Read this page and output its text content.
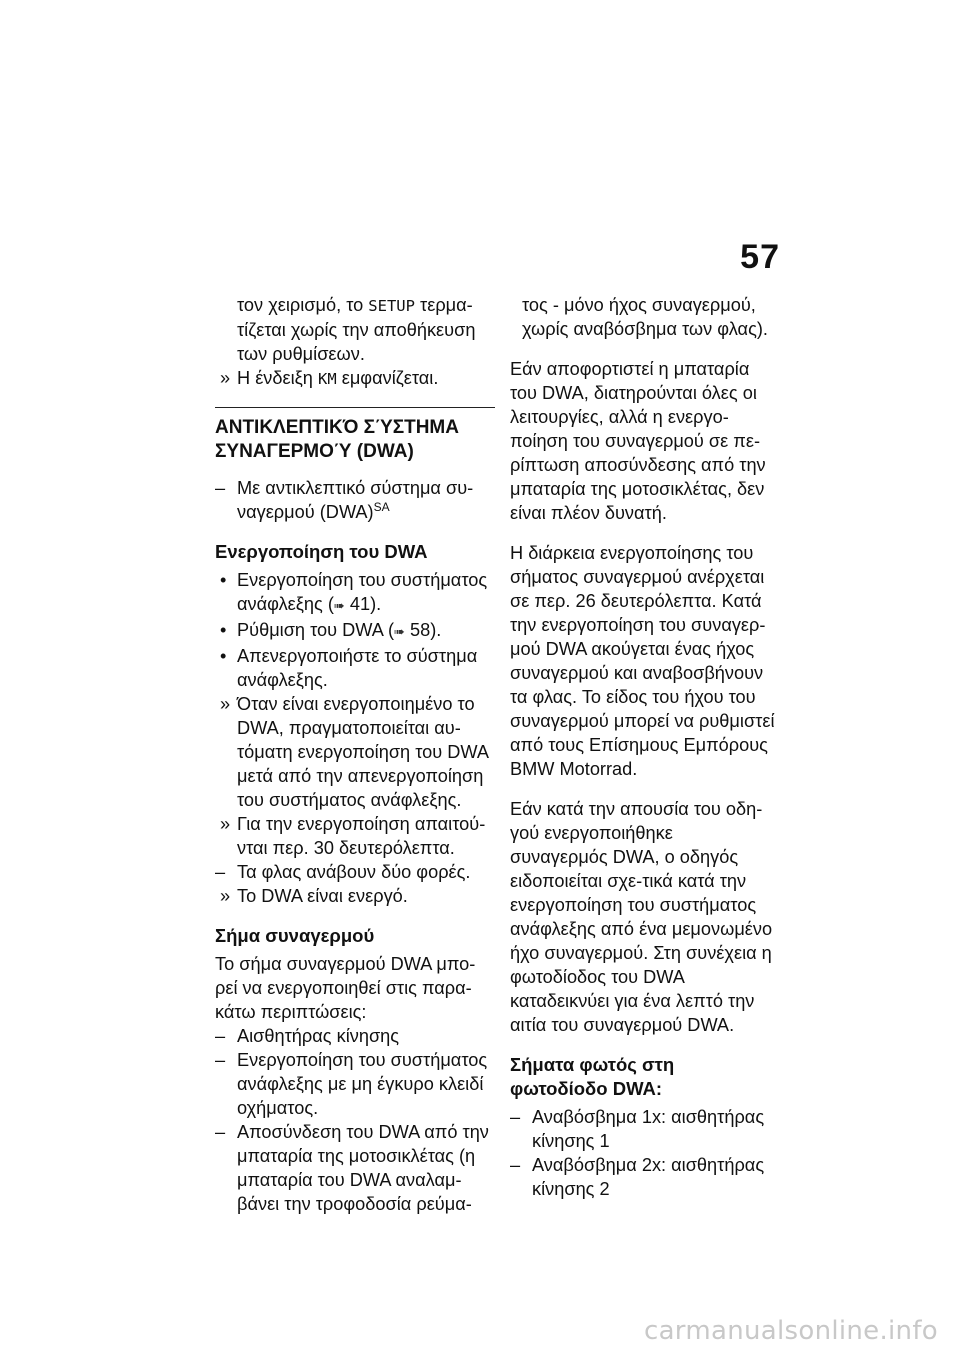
57

τον χειρισμό, το SETUP τερμα-τίζεται χωρίς την αποθήκευση των ρυθμίσεων.

» Η ένδειξη KM εμφανίζεται.
ΑΝΤΙΚΛΕΠΤΙΚΌ ΣΎΣΤΗΜΑ
ΣΥΝΑΓΕΡΜΟΎ (DWA)
– Με αντικλεπτικό σύστημα συ-ναγερμού (DWA)$^{SA}$
Ενεργοποίηση του DWA
• Ενεργοποίηση του συστήματος ανάφλεξης (➠ 41).
• Ρύθμιση του DWA (➠ 58).
• Απενεργοποιήστε το σύστημα ανάφλεξης.
» Όταν είναι ενεργοποιημένο το DWA, πραγματοποιείται αυ-τόματη ενεργοποίηση του DWA μετά από την απενεργοποίηση του συστήματος ανάφλεξης.
» Για την ενεργοποίηση απαιτού-νται περ. 30 δευτερόλεπτα.
– Τα φλας ανάβουν δύο φορές.
» Το DWA είναι ενεργό.
Σήμα συναγερμού

Το σήμα συναγερμού DWA μπο-ρεί να ενεργοποιηθεί στις παρα-κάτω περιπτώσεις:

– Αισθητήρας κίνησης
– Ενεργοποίηση του συστήματος ανάφλεξης με μη έγκυρο κλειδί οχήματος.
– Αποσύνδεση του DWA από την μπαταρία της μοτοσικλέτας (η μπαταρία του DWA αναλαμ-βάνει την τροφοδοσία ρεύμα-

τος - μόνο ήχος συναγερμού, χωρίς αναβόσβημα των φλας).

Εάν αποφορτιστεί η μπαταρία του DWA, διατηρούνται όλες οι λειτουργίες, αλλά η ενεργο-ποίηση του συναγερμού σε πε-ρίπτωση αποσύνδεσης από την μπαταρία της μοτοσικλέτας, δεν είναι πλέον δυνατή.

Η διάρκεια ενεργοποίησης του σήματος συναγερμού ανέρχεται σε περ. 26 δευτερόλεπτα. Κατά την ενεργοποίηση του συναγερ-μού DWA ακούγεται ένας ήχος συναγερμού και αναβοσβήνουν τα φλας. Το είδος του ήχου του συναγερμού μπορεί να ρυθμιστεί από τους Επίσημους Εμπόρους BMW Motorrad.

Εάν κατά την απουσία του οδη-γού ενεργοποιήθηκε συναγερμός DWA, ο οδηγός ειδοποιείται σχε-τικά κατά την ενεργοποίηση του συστήματος ανάφλεξης από ένα μεμονωμένο ήχο συναγερμού. Στη συνέχεια η φωτοδίοδος του DWA καταδεικνύει για ένα λεπτό την αιτία του συναγερμού DWA.

Σήματα φωτός στη φωτοδίοδο DWA:
– Αναβόσβημα 1x: αισθητήρας κίνησης 1
– Αναβόσβημα 2x: αισθητήρας κίνησης 2
carmanualsonline.info
